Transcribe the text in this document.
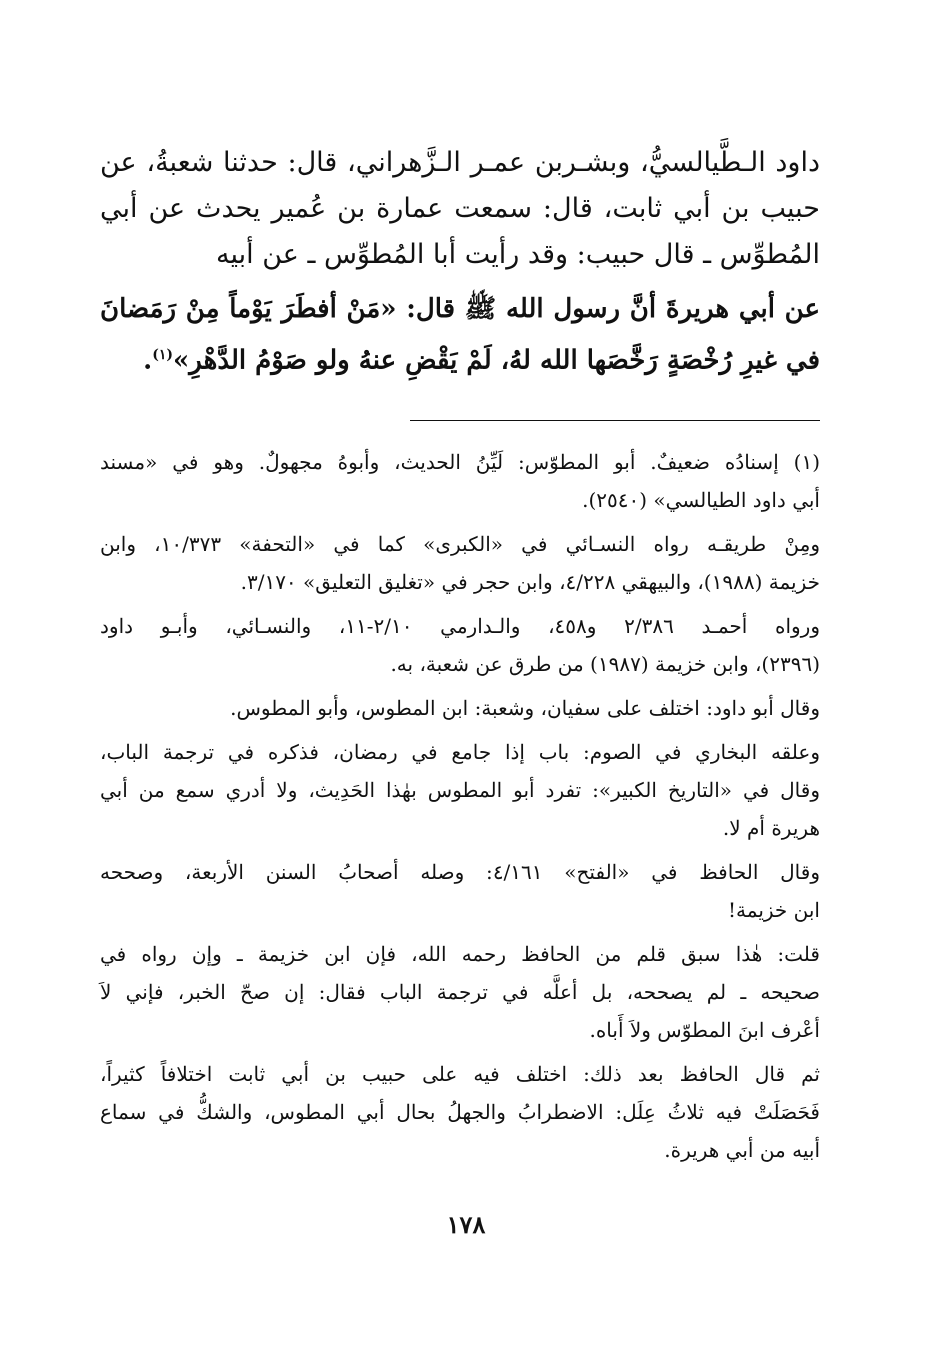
داود الـطَّيالسيُّ، وبشـربن عمـر الـزَّهراني، قال: حدثنا شعبةُ، عن
حبيب بن أبي ثابت، قال: سمعت عمارة بن عُمير يحدث عن أبي
المُطوِّس ـ قال حبيب: وقد رأيت أبا المُطوِّس ـ عن أبيه
عن أبي هريرةَ أنَّ رسول الله ﷺ قال: «مَنْ أفطَرَ يَوْماً مِنْ رَمَضانَ
في غيرِ رُخْصَةٍ رَخَّصَها الله لهُ، لَمْ يَقْضِ عنهُ ولو صَوْمُ الدَّهْرِ»$^{(١)}$.
(١) إسنادُه ضعيفٌ. أبو المطوّس: لَيِّنُ الحديث، وأبوهُ مجهولٌ. وهو في «مسند
أبي داود الطيالسي» (٢٥٤٠).
ومِنْ طريقـه رواه النسـائي في «الكبرى» كما في «التحفة» ١٠/٣٧٣، وابن
خزيمة (١٩٨٨)، والبيهقي ٤/٢٢٨، وابن حجر في «تغليق التعليق» ٣/١٧٠.
ورواه أحمـد ٢/٣٨٦ و٤٥٨، والـدارمي ٢/١٠-١١، والنسـائي، وأبـو داود
(٢٣٩٦)، وابن خزيمة (١٩٨٧) من طرق عن شعبة، به.
وقال أبو داود: اختلف على سفيان، وشعبة: ابن المطوس، وأبو المطوس.
وعلقه البخاري في الصوم: باب إذا جامع في رمضان، فذكره في ترجمة الباب،
وقال في «التاريخ الكبير»: تفرد أبو المطوس بهٰذا الحَدِيث، ولا أدري سمع من أبي
هريرة أم لا.
وقال الحافظ في «الفتح» ٤/١٦١: وصله أصحابُ السنن الأربعة، وصححه
ابن خزيمة!
قلت: هٰذا سبق قلم من الحافظ رحمه الله، فإن ابن خزيمة ـ وإن رواه في
صحيحه ـ لم يصححه، بل أعلَّه في ترجمة الباب فقال: إن صحّ الخبر، فإني لاَ
أعْرف ابنَ المطوّس ولاَ أَباه.
ثم قال الحافظ بعد ذلك: اختلف فيه على حبيب بن أبي ثابت اختلافاً كثيراً،
فَحَصَلَتْ فيه ثلاثُ عِلَل: الاضطرابُ والجهلُ بحال أبي المطوس، والشكُّ في سماع
أبيه من أبي هريرة.
١٧٨
